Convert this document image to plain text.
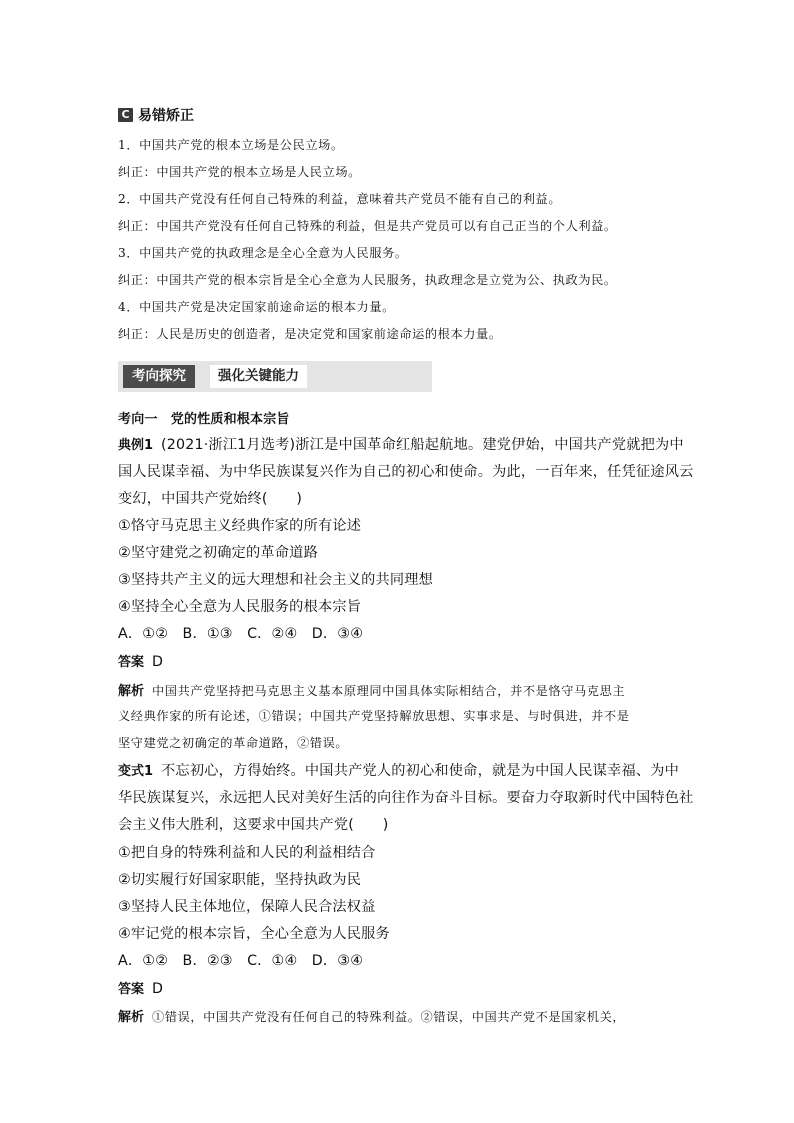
C 易错矫正
1．中国共产党的根本立场是公民立场。
纠正：中国共产党的根本立场是人民立场。
2．中国共产党没有任何自己特殊的利益，意味着共产党员不能有自己的利益。
纠正：中国共产党没有任何自己特殊的利益，但是共产党员可以有自己正当的个人利益。
3．中国共产党的执政理念是全心全意为人民服务。
纠正：中国共产党的根本宗旨是全心全意为人民服务，执政理念是立党为公、执政为民。
4．中国共产党是决定国家前途命运的根本力量。
纠正：人民是历史的创造者，是决定党和国家前途命运的根本力量。
考向探究	强化关键能力
考向一　党的性质和根本宗旨
典例1 (2021·浙江1月选考)浙江是中国革命红船起航地。建党伊始，中国共产党就把为中
国人民谋幸福、为中华民族谋复兴作为自己的初心和使命。为此，一百年来，任凭征途风云
变幻，中国共产党始终(　　)
①恪守马克思主义经典作家的所有论述
②坚守建党之初确定的革命道路
③坚持共产主义的远大理想和社会主义的共同理想
④坚持全心全意为人民服务的根本宗旨
A．①②　B．①③　C．②④　D．③④
答案 D
解析 中国共产党坚持把马克思主义基本原理同中国具体实际相结合，并不是恪守马克思主
义经典作家的所有论述，①错误；中国共产党坚持解放思想、实事求是、与时俱进，并不是
坚守建党之初确定的革命道路，②错误。
变式1 不忘初心，方得始终。中国共产党人的初心和使命，就是为中国人民谋幸福、为中
华民族谋复兴，永远把人民对美好生活的向往作为奋斗目标。要奋力夺取新时代中国特色社
会主义伟大胜利，这要求中国共产党(　　)
①把自身的特殊利益和人民的利益相结合
②切实履行好国家职能，坚持执政为民
③坚持人民主体地位，保障人民合法权益
④牢记党的根本宗旨，全心全意为人民服务
A．①②　B．②③　C．①④　D．③④
答案 D
解析 ①错误，中国共产党没有任何自己的特殊利益。②错误，中国共产党不是国家机关，
